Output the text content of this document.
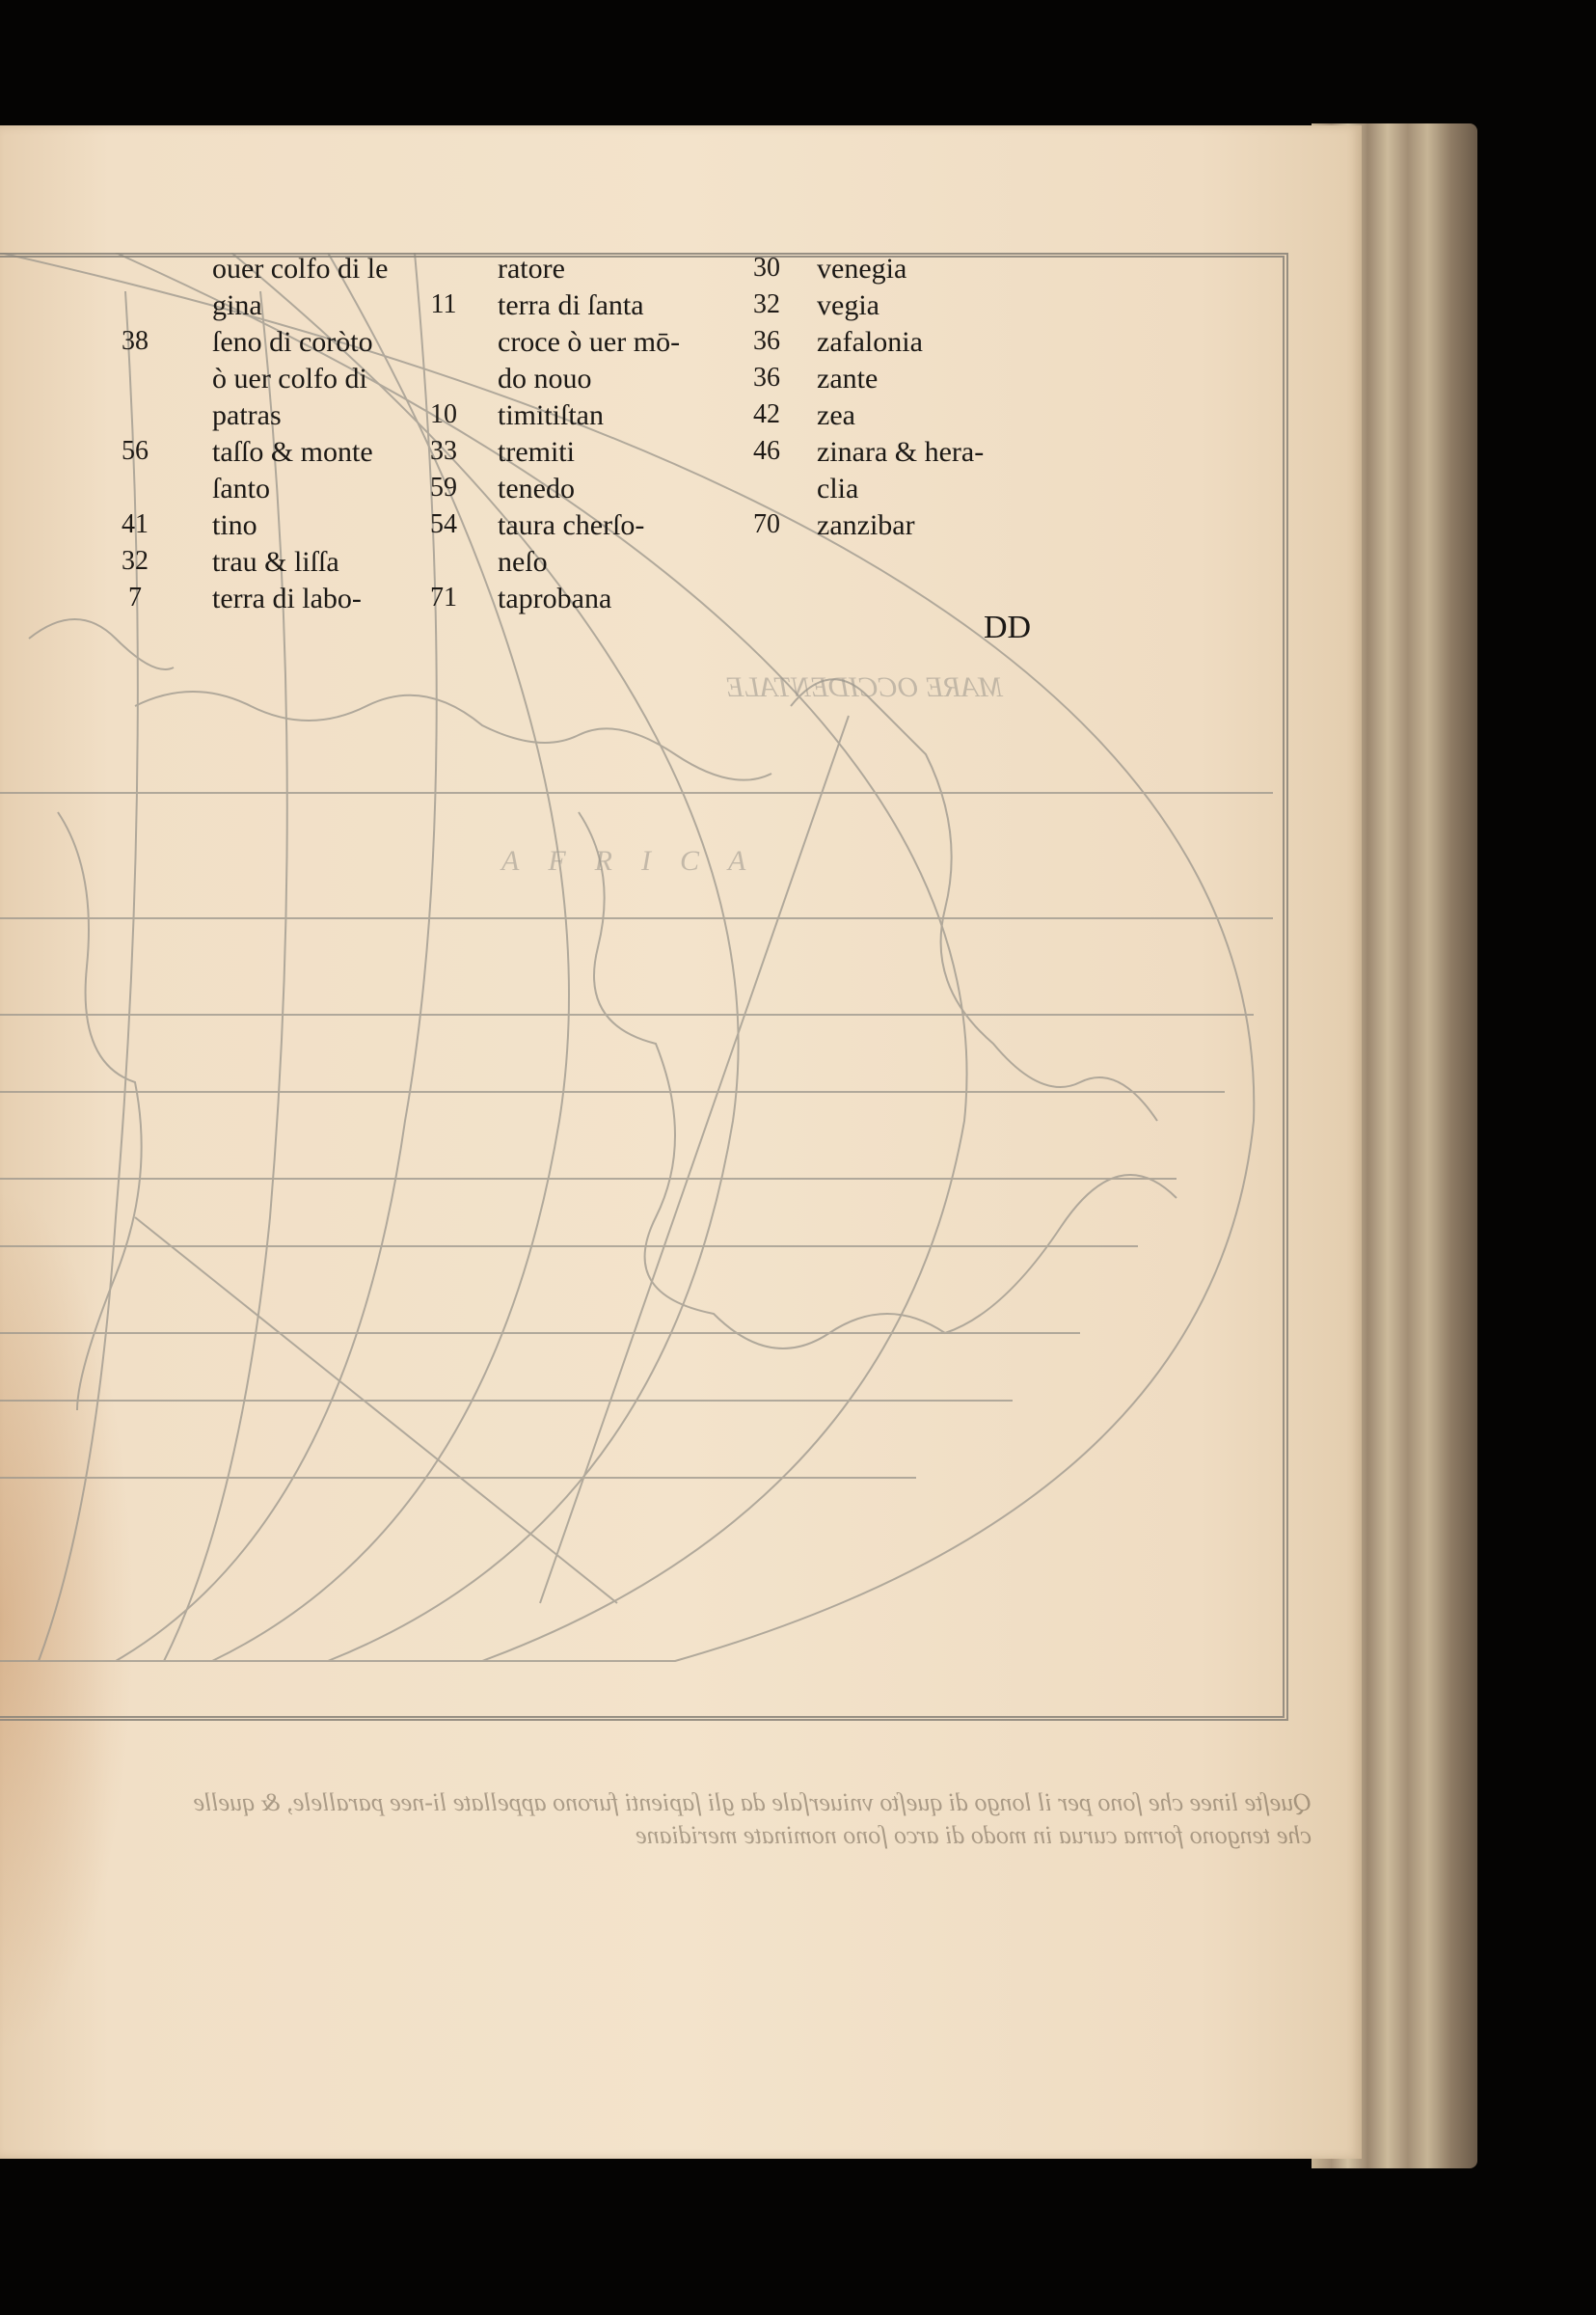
MARE OCCIDENTALE
AFRICA
Queſte linee che ſono per il longo di queſto vniuerſale da gli ſapienti furono appellate li-nee parallele, & quelle che tengono forma curua in modo di arco ſono nominate meridiane
ouer colfo di le
gina
38	ſeno di coròto
ò uer colfo di
patras
56	taſſo & monte
ſanto
41	tino
32	trau & liſſa
7	terra di labo-
ratore
11	terra di ſanta
croce ò uer mō-
do nouo
10	timitiſtan
33	tremiti
59	tenedo
54	taura cherſo-
neſo
71	taprobana
30	venegia
32	vegia
36	zafalonia
36	zante
42	zea
46	zinara & hera-
clia
70	zanzibar
DD
